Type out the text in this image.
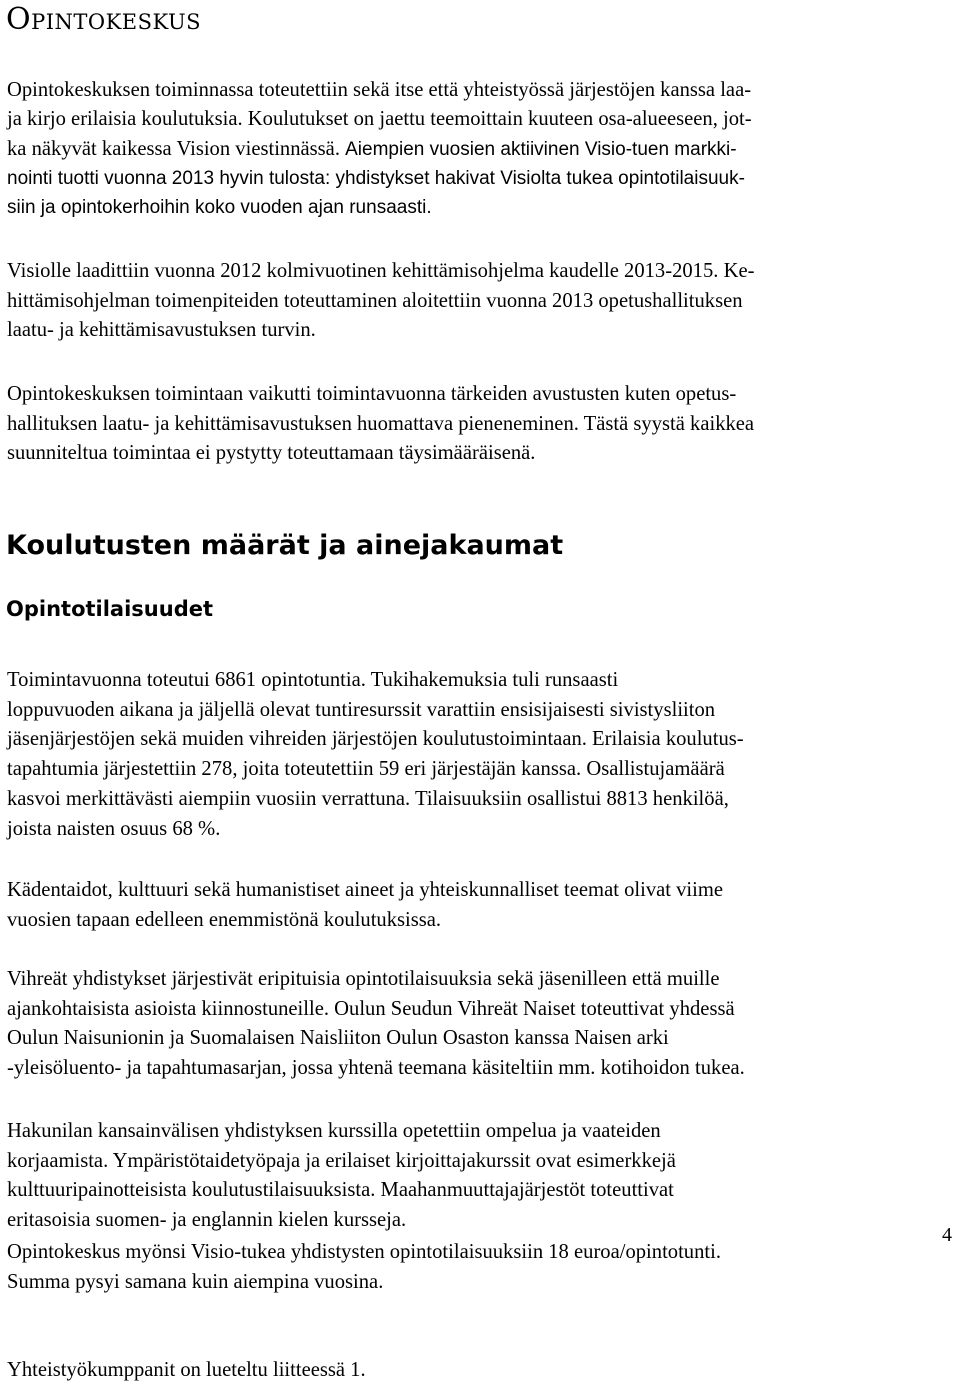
Opintokeskus

Opintokeskuksen toiminnassa toteutettiin sekä itse että yhteistyössä järjestöjen kanssa laa-
ja kirjo erilaisia koulutuksia. Koulutukset on jaettu teemoittain kuuteen osa-alueeseen, jot-
ka näkyvät kaikessa Vision viestinnässä. Aiempien vuosien aktiivinen Visio-tuen markki-
nointi tuotti vuonna 2013 hyvin tulosta: yhdistykset hakivat Visiolta tukea opintotilaisuuk-
siin ja opintokerhoihin koko vuoden ajan runsaasti.

Visiolle laadittiin vuonna 2012 kolmivuotinen kehittämisohjelma kaudelle 2013-2015. Ke-
hittämisohjelman toimenpiteiden toteuttaminen aloitettiin vuonna 2013 opetushallituksen
laatu- ja kehittämisavustuksen turvin.

Opintokeskuksen toimintaan vaikutti toimintavuonna tärkeiden avustusten kuten opetus-
hallituksen laatu- ja kehittämisavustuksen huomattava pieneneminen. Tästä syystä kaikkea
suunniteltua toimintaa ei pystytty toteuttamaan täysimääräisenä.

Koulutusten määrät ja ainejakaumat
Opintotilaisuudet

Toimintavuonna toteutui 6861 opintotuntia. Tukihakemuksia tuli runsaasti
loppuvuoden aikana ja jäljellä olevat tuntiresurssit varattiin ensisijaisesti sivistysliiton
jäsenjärjestöjen sekä muiden vihreiden järjestöjen koulutustoimintaan. Erilaisia koulutus-
tapahtumia järjestettiin 278, joita toteutettiin 59 eri järjestäjän kanssa. Osallistujamäärä
kasvoi merkittävästi aiempiin vuosiin verrattuna. Tilaisuuksiin osallistui 8813 henkilöä,
joista naisten osuus 68 %.

Kädentaidot, kulttuuri sekä humanistiset aineet ja yhteiskunnalliset teemat olivat viime
vuosien tapaan edelleen enemmistönä koulutuksissa.

Vihreät yhdistykset järjestivät eripituisia opintotilaisuuksia sekä jäsenilleen että muille
ajankohtaisista asioista kiinnostuneille. Oulun Seudun Vihreät Naiset toteuttivat yhdessä
Oulun Naisunionin ja Suomalaisen Naisliiton Oulun Osaston kanssa Naisen arki
-yleisöluento- ja tapahtumasarjan, jossa yhtenä teemana käsiteltiin mm. kotihoidon tukea.

Hakunilan kansainvälisen yhdistyksen kurssilla opetettiin ompelua ja vaateiden
korjaamista. Ympäristötaidetyöpaja ja erilaiset kirjoittajakurssit ovat esimerkkejä
kulttuuripainotteisista koulutustilaisuuksista. Maahanmuuttajajärjestöt toteuttivat
eritasoisia suomen- ja englannin kielen kursseja.

Opintokeskus myönsi Visio-tukea yhdistysten opintotilaisuuksiin 18 euroa/opintotunti.
Summa pysyi samana kuin aiempina vuosina.

Yhteistyökumppanit on lueteltu liitteessä 1.

4
